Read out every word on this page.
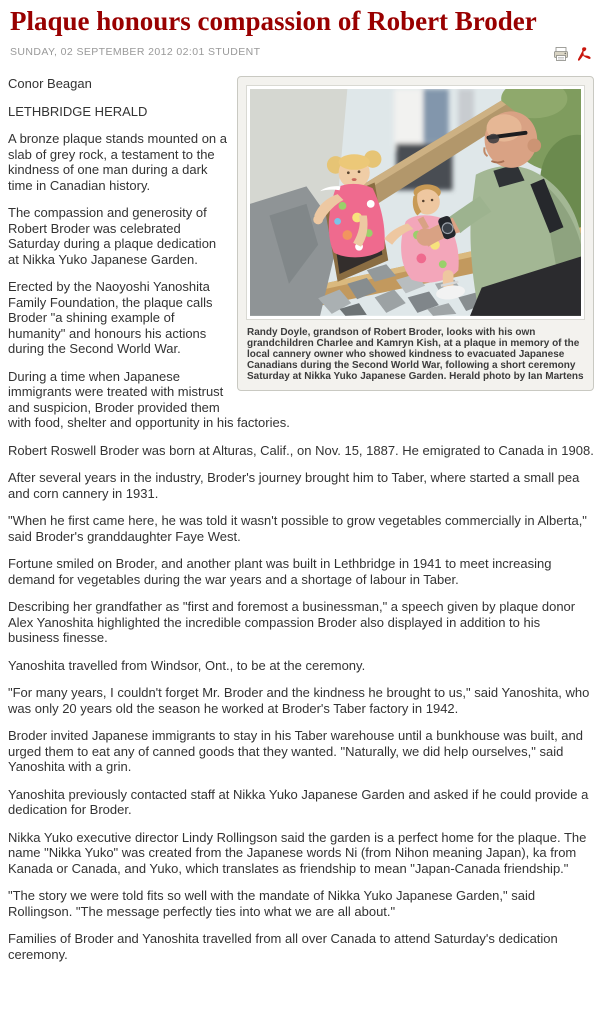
Plaque honours compassion of Robert Broder
SUNDAY, 02 SEPTEMBER 2012 02:01 STUDENT
Randy Doyle, grandson of Robert Broder, looks with his own grandchildren Charlee and Kamryn Kish, at a plaque in memory of the local cannery owner who showed kindness to evacuated Japanese Canadians during the Second World War, following a short ceremony Saturday at Nikka Yuko Japanese Garden. Herald photo by Ian Martens

Conor Beagan

LETHBRIDGE HERALD

A bronze plaque stands mounted on a slab of grey rock, a testament to the kindness of one man during a dark time in Canadian history.

The compassion and generosity of Robert Broder was celebrated Saturday during a plaque dedication at Nikka Yuko Japanese Garden.

Erected by the Naoyoshi Yanoshita Family Foundation, the plaque calls Broder "a shining example of humanity" and honours his actions during the Second World War.

During a time when Japanese immigrants were treated with mistrust and suspicion, Broder provided them with food, shelter and opportunity in his factories.

Robert Roswell Broder was born at Alturas, Calif., on Nov. 15, 1887. He emigrated to Canada in 1908.

After several years in the industry, Broder's journey brought him to Taber, where started a small pea and corn cannery in 1931.

"When he first came here, he was told it wasn't possible to grow vegetables commercially in Alberta," said Broder's granddaughter Faye West.

Fortune smiled on Broder, and another plant was built in Lethbridge in 1941 to meet increasing demand for vegetables during the war years and a shortage of labour in Taber.

Describing her grandfather as "first and foremost a businessman," a speech given by plaque donor Alex Yanoshita highlighted the incredible compassion Broder also displayed in addition to his business finesse.

Yanoshita travelled from Windsor, Ont., to be at the ceremony.

"For many years, I couldn't forget Mr. Broder and the kindness he brought to us," said Yanoshita, who was only 20 years old the season he worked at Broder's Taber factory in 1942.

Broder invited Japanese immigrants to stay in his Taber warehouse until a bunkhouse was built, and urged them to eat any of canned goods that they wanted. "Naturally, we did help ourselves," said Yanoshita with a grin.

Yanoshita previously contacted staff at Nikka Yuko Japanese Garden and asked if he could provide a dedication for Broder.

Nikka Yuko executive director Lindy Rollingson said the garden is a perfect home for the plaque. The name "Nikka Yuko" was created from the Japanese words Ni (from Nihon meaning Japan), ka from Kanada or Canada, and Yuko, which translates as friendship to mean "Japan-Canada friendship."

"The story we were told fits so well with the mandate of Nikka Yuko Japanese Garden," said Rollingson. "The message perfectly ties into what we are all about."

Families of Broder and Yanoshita travelled from all over Canada to attend Saturday's dedication ceremony.
